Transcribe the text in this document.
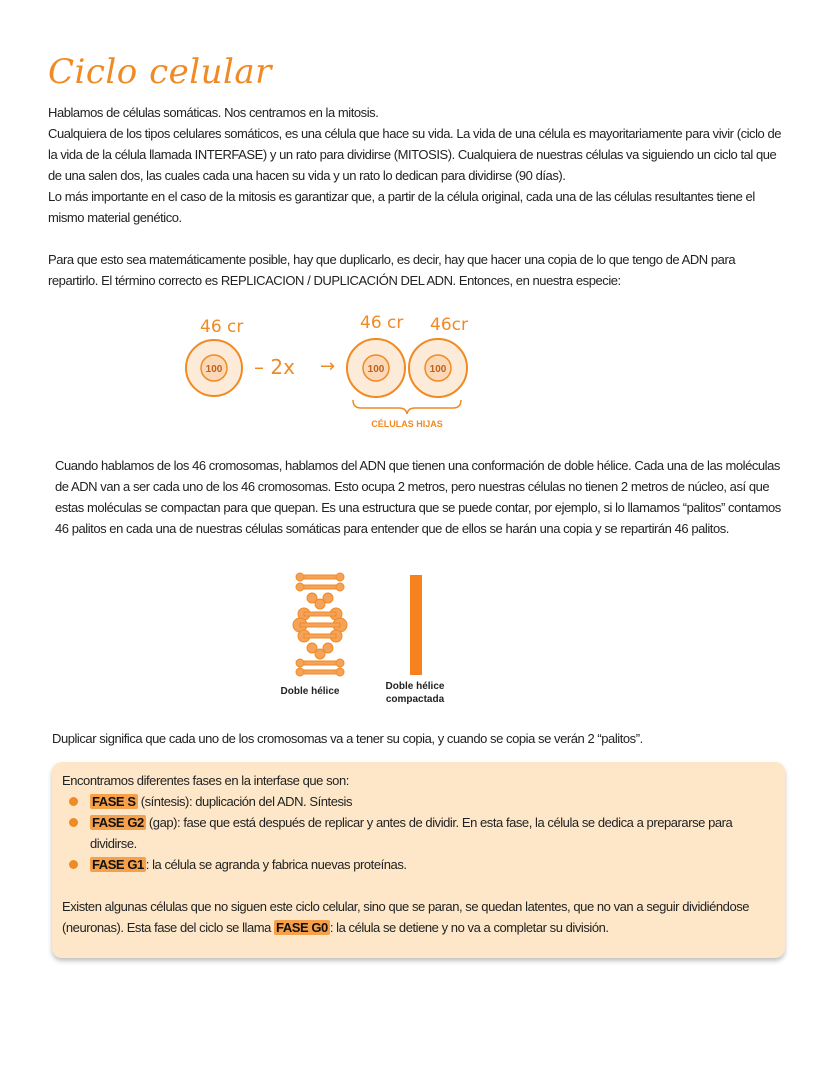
Ciclo celular

Hablamos de células somáticas. Nos centramos en la mitosis.

Cualquiera de los tipos celulares somáticos, es una célula que hace su vida. La vida de una célula es mayoritariamente para vivir (ciclo de la vida de la célula llamada INTERFASE) y un rato para dividirse (MITOSIS). Cualquiera de nuestras células va siguiendo un ciclo tal que de una salen dos, las cuales cada una hacen su vida y un rato lo dedican para dividirse (90 días).

Lo más importante en el caso de la mitosis es garantizar que, a partir de la célula original, cada una de las células resultantes tiene el mismo material genético.

Para que esto sea matemáticamente posible, hay que duplicarlo, es decir, hay que hacer una copia de lo que tengo de ADN para repartirlo. El término correcto es REPLICACION / DUPLICACIÓN DEL ADN. Entonces, en nuestra especie:

46 cr	46 cr 46cr
– 2x →
100	100	100
CÉLULAS HIJAS
Cuando hablamos de los 46 cromosomas, hablamos del ADN que tienen una conformación de doble hélice. Cada una de las moléculas de ADN van a ser cada uno de los 46 cromosomas. Esto ocupa 2 metros, pero nuestras células no tienen 2 metros de núcleo, así que estas moléculas se compactan para que quepan. Es una estructura que se puede contar, por ejemplo, si lo llamamos “palitos” contamos 46 palitos en cada una de nuestras células somáticas para entender que de ellos se harán una copia y se repartirán 46 palitos.
Doble hélice	Doble hélice
compactada
Duplicar significa que cada uno de los cromosomas va a tener su copia, y cuando se copia se verán 2 “palitos”.
Encontramos diferentes fases en la interfase que son:
FASE S (síntesis): duplicación del ADN. Síntesis
FASE G2 (gap): fase que está después de replicar y antes de dividir. En esta fase, la célula se dedica a prepararse para dividirse.
FASE G1 : la célula se agranda y fabrica nuevas proteínas.
Existen algunas células que no siguen este ciclo celular, sino que se paran, se quedan latentes, que no van a seguir dividiéndose (neuronas). Esta fase del ciclo se llama FASE G0 : la célula se detiene y no va a completar su división.
